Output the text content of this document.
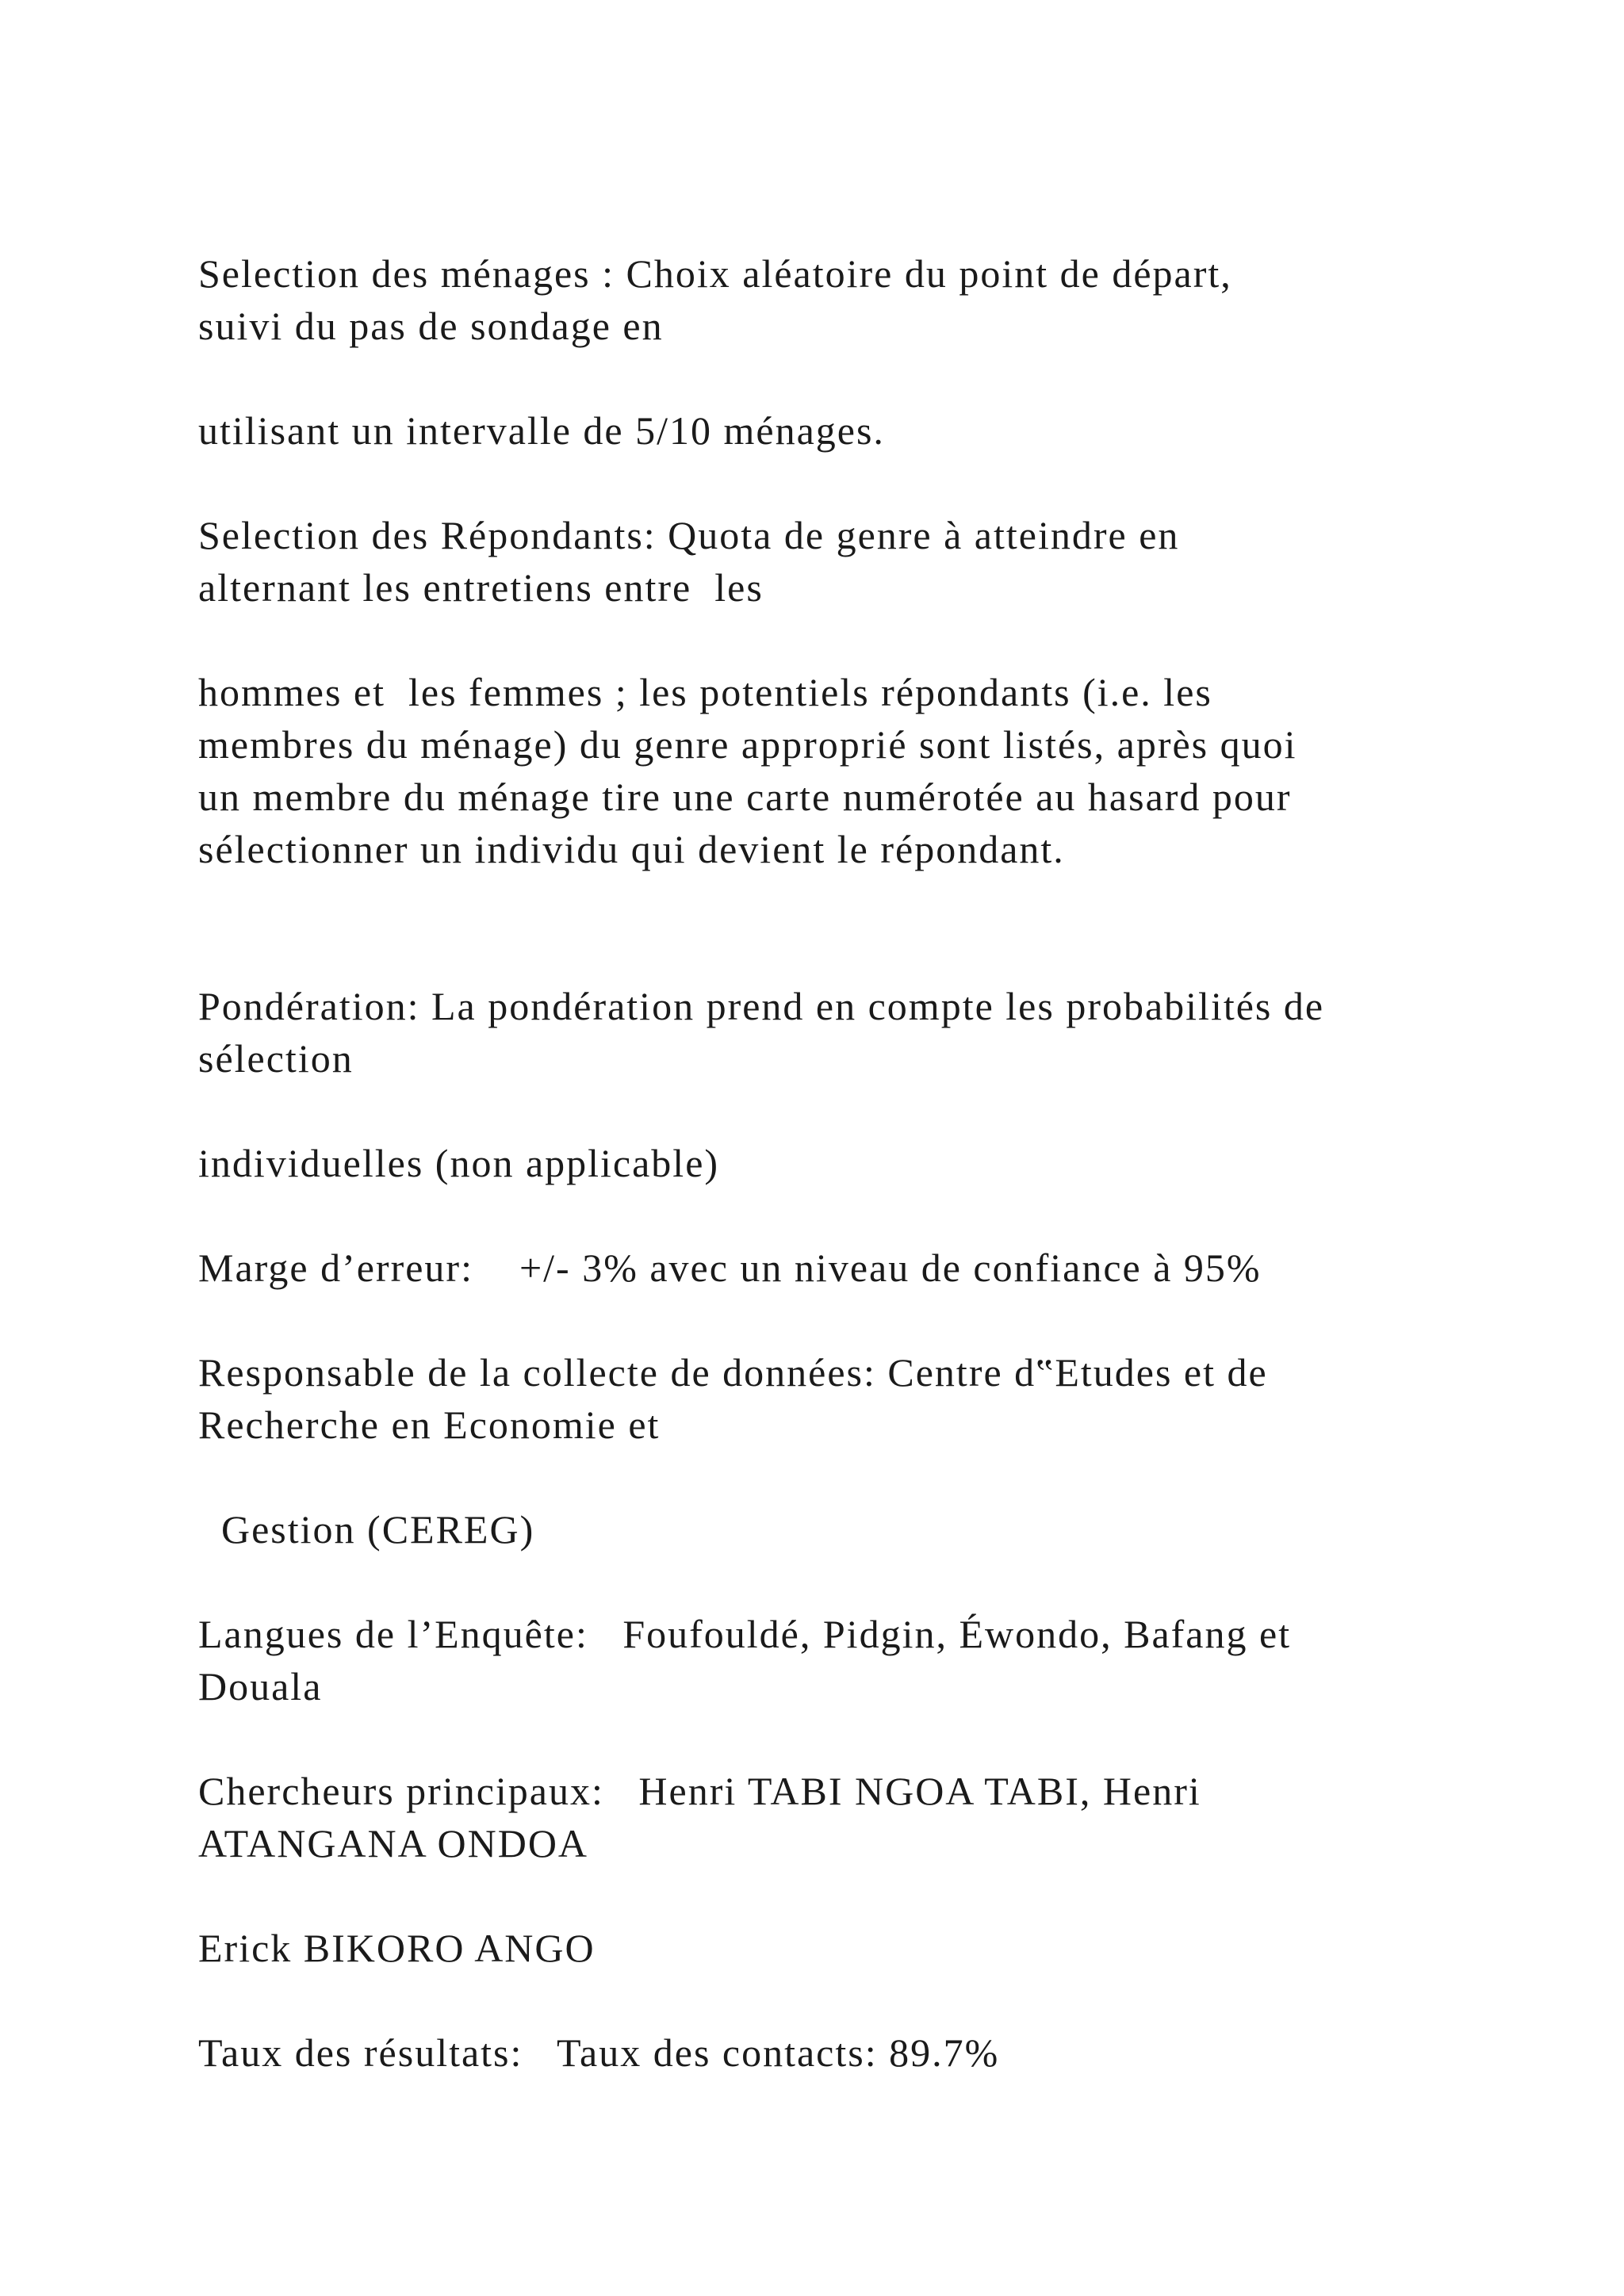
Selection des ménages : Choix aléatoire du point de départ,

suivi du pas de sondage en

utilisant un intervalle de 5/10 ménages.

Selection des Répondants: Quota de genre à atteindre en

alternant les entretiens entre  les

hommes et  les femmes ; les potentiels répondants (i.e. les

membres du ménage) du genre approprié sont listés, après quoi

un membre du ménage tire une carte numérotée au hasard pour

sélectionner un individu qui devient le répondant.

Pondération: La pondération prend en compte les probabilités de

sélection

individuelles (non applicable)

Marge d’erreur:    +/- 3% avec un niveau de confiance à 95%

Responsable de la collecte de données: Centre d‟Etudes et de

Recherche en Economie et

Gestion (CEREG)

Langues de l’Enquête:   Foufouldé, Pidgin, Éwondo, Bafang et

Douala

Chercheurs principaux:   Henri TABI NGOA TABI, Henri

ATANGANA ONDOA

Erick BIKORO ANGO

Taux des résultats:   Taux des contacts: 89.7%
